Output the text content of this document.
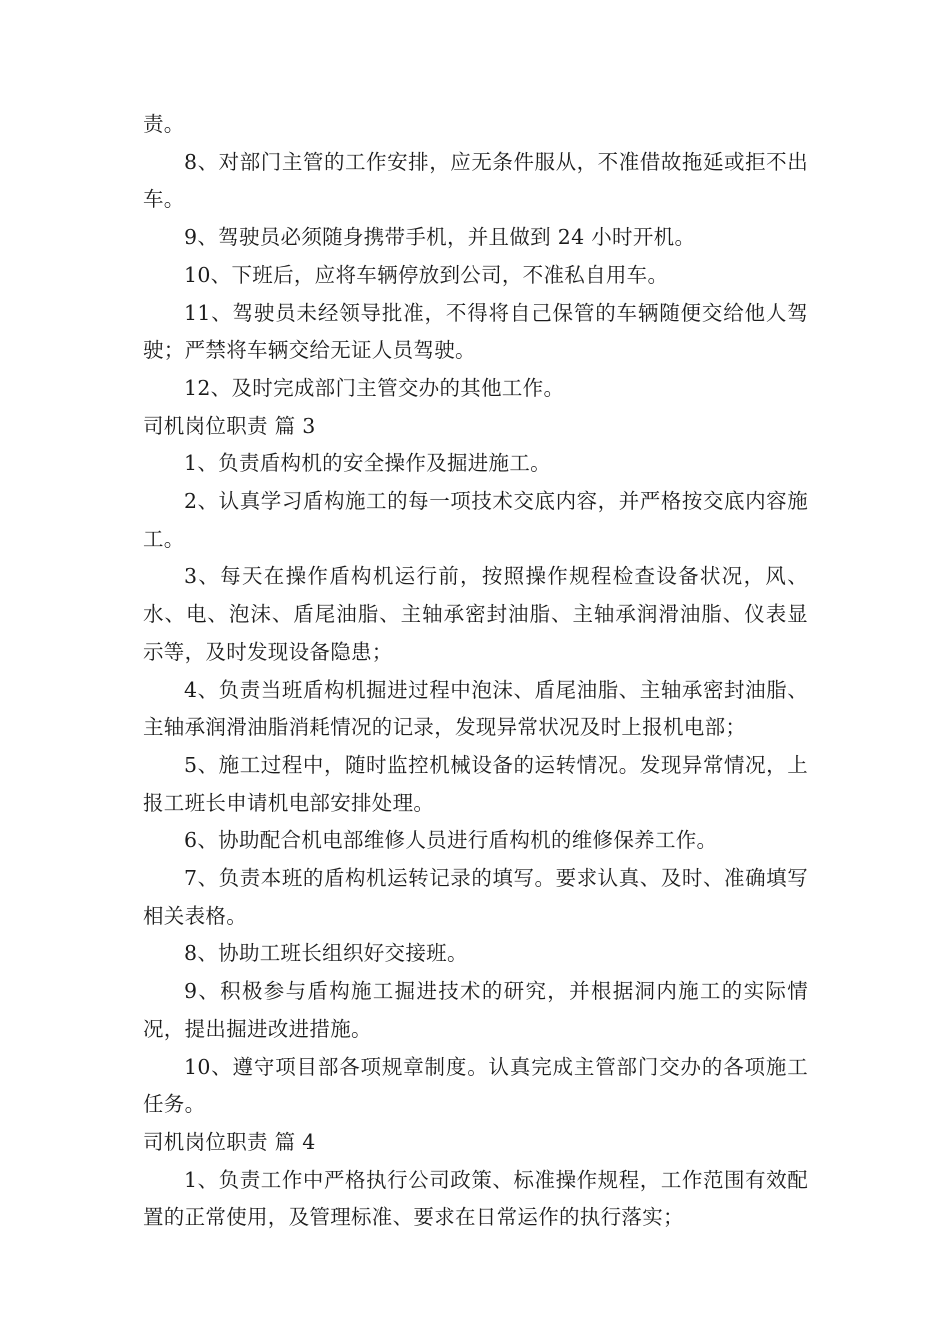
责。

8、对部门主管的工作安排，应无条件服从，不准借故拖延或拒不出车。

9、驾驶员必须随身携带手机，并且做到 24 小时开机。

10、下班后，应将车辆停放到公司，不准私自用车。

11、驾驶员未经领导批准，不得将自己保管的车辆随便交给他人驾驶；严禁将车辆交给无证人员驾驶。

12、及时完成部门主管交办的其他工作。

司机岗位职责 篇 3

1、负责盾构机的安全操作及掘进施工。

2、认真学习盾构施工的每一项技术交底内容，并严格按交底内容施工。

3、每天在操作盾构机运行前，按照操作规程检查设备状况，风、水、电、泡沫、盾尾油脂、主轴承密封油脂、主轴承润滑油脂、仪表显示等，及时发现设备隐患；

4、负责当班盾构机掘进过程中泡沫、盾尾油脂、主轴承密封油脂、主轴承润滑油脂消耗情况的记录，发现异常状况及时上报机电部；

5、施工过程中，随时监控机械设备的运转情况。发现异常情况，上报工班长申请机电部安排处理。

6、协助配合机电部维修人员进行盾构机的维修保养工作。

7、负责本班的盾构机运转记录的填写。要求认真、及时、准确填写相关表格。

8、协助工班长组织好交接班。

9、积极参与盾构施工掘进技术的研究，并根据洞内施工的实际情况，提出掘进改进措施。

10、遵守项目部各项规章制度。认真完成主管部门交办的各项施工任务。

司机岗位职责 篇 4

1、负责工作中严格执行公司政策、标准操作规程，工作范围有效配置的正常使用，及管理标准、要求在日常运作的执行落实；
